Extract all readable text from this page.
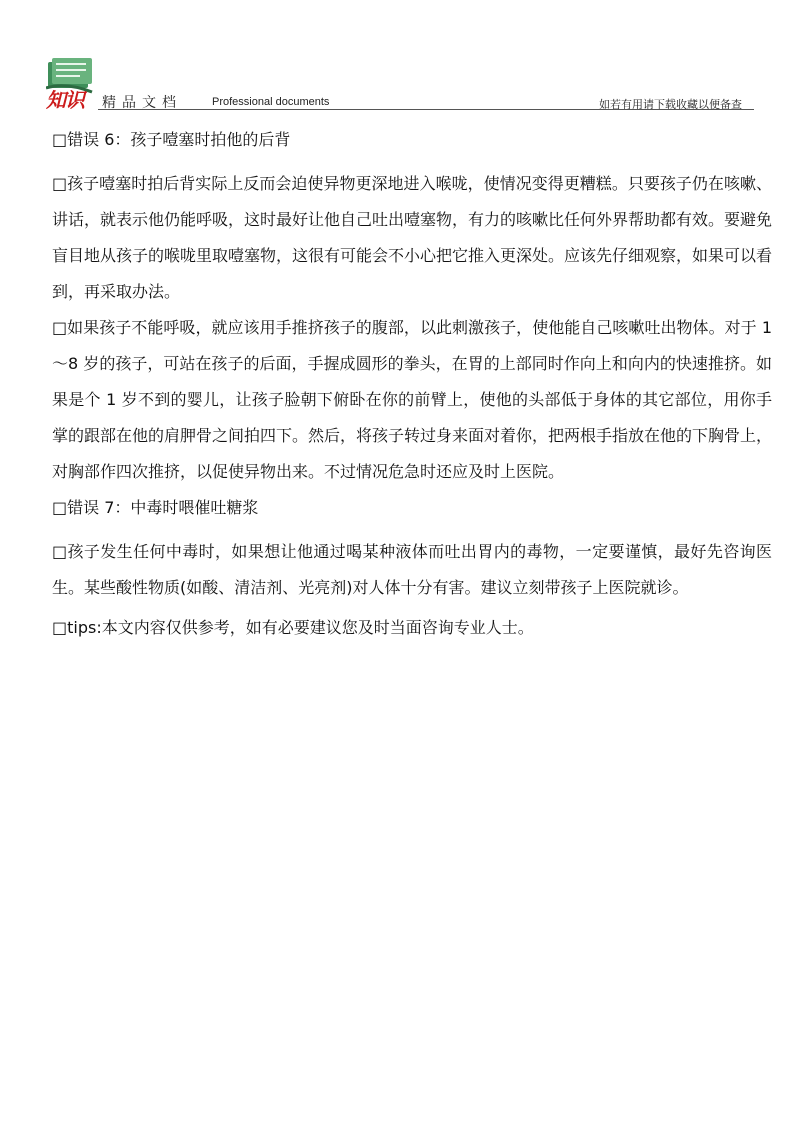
知识 精品文档	Professional documents	如若有用请下载收藏以便备查

□错误 6：孩子噎塞时拍他的后背

□孩子噎塞时拍后背实际上反而会迫使异物更深地进入喉咙，使情况变得更糟糕。只要孩子仍在咳嗽、讲话，就表示他仍能呼吸，这时最好让他自己吐出噎塞物，有力的咳嗽比任何外界帮助都有效。要避免盲目地从孩子的喉咙里取噎塞物，这很有可能会不小心把它推入更深处。应该先仔细观察，如果可以看到，再采取办法。

□如果孩子不能呼吸，就应该用手推挤孩子的腹部，以此刺激孩子，使他能自己咳嗽吐出物体。对于 1～8 岁的孩子，可站在孩子的后面，手握成圆形的拳头，在胃的上部同时作向上和向内的快速推挤。如果是个 1 岁不到的婴儿，让孩子脸朝下俯卧在你的前臂上，使他的头部低于身体的其它部位，用你手掌的跟部在他的肩胛骨之间拍四下。然后，将孩子转过身来面对着你，把两根手指放在他的下胸骨上，对胸部作四次推挤，以促使异物出来。不过情况危急时还应及时上医院。

□错误 7：中毒时喂催吐糖浆

□孩子发生任何中毒时，如果想让他通过喝某种液体而吐出胃内的毒物，一定要谨慎，最好先咨询医生。某些酸性物质(如酸、清洁剂、光亮剂)对人体十分有害。建议立刻带孩子上医院就诊。

□tips:本文内容仅供参考，如有必要建议您及时当面咨询专业人士。
